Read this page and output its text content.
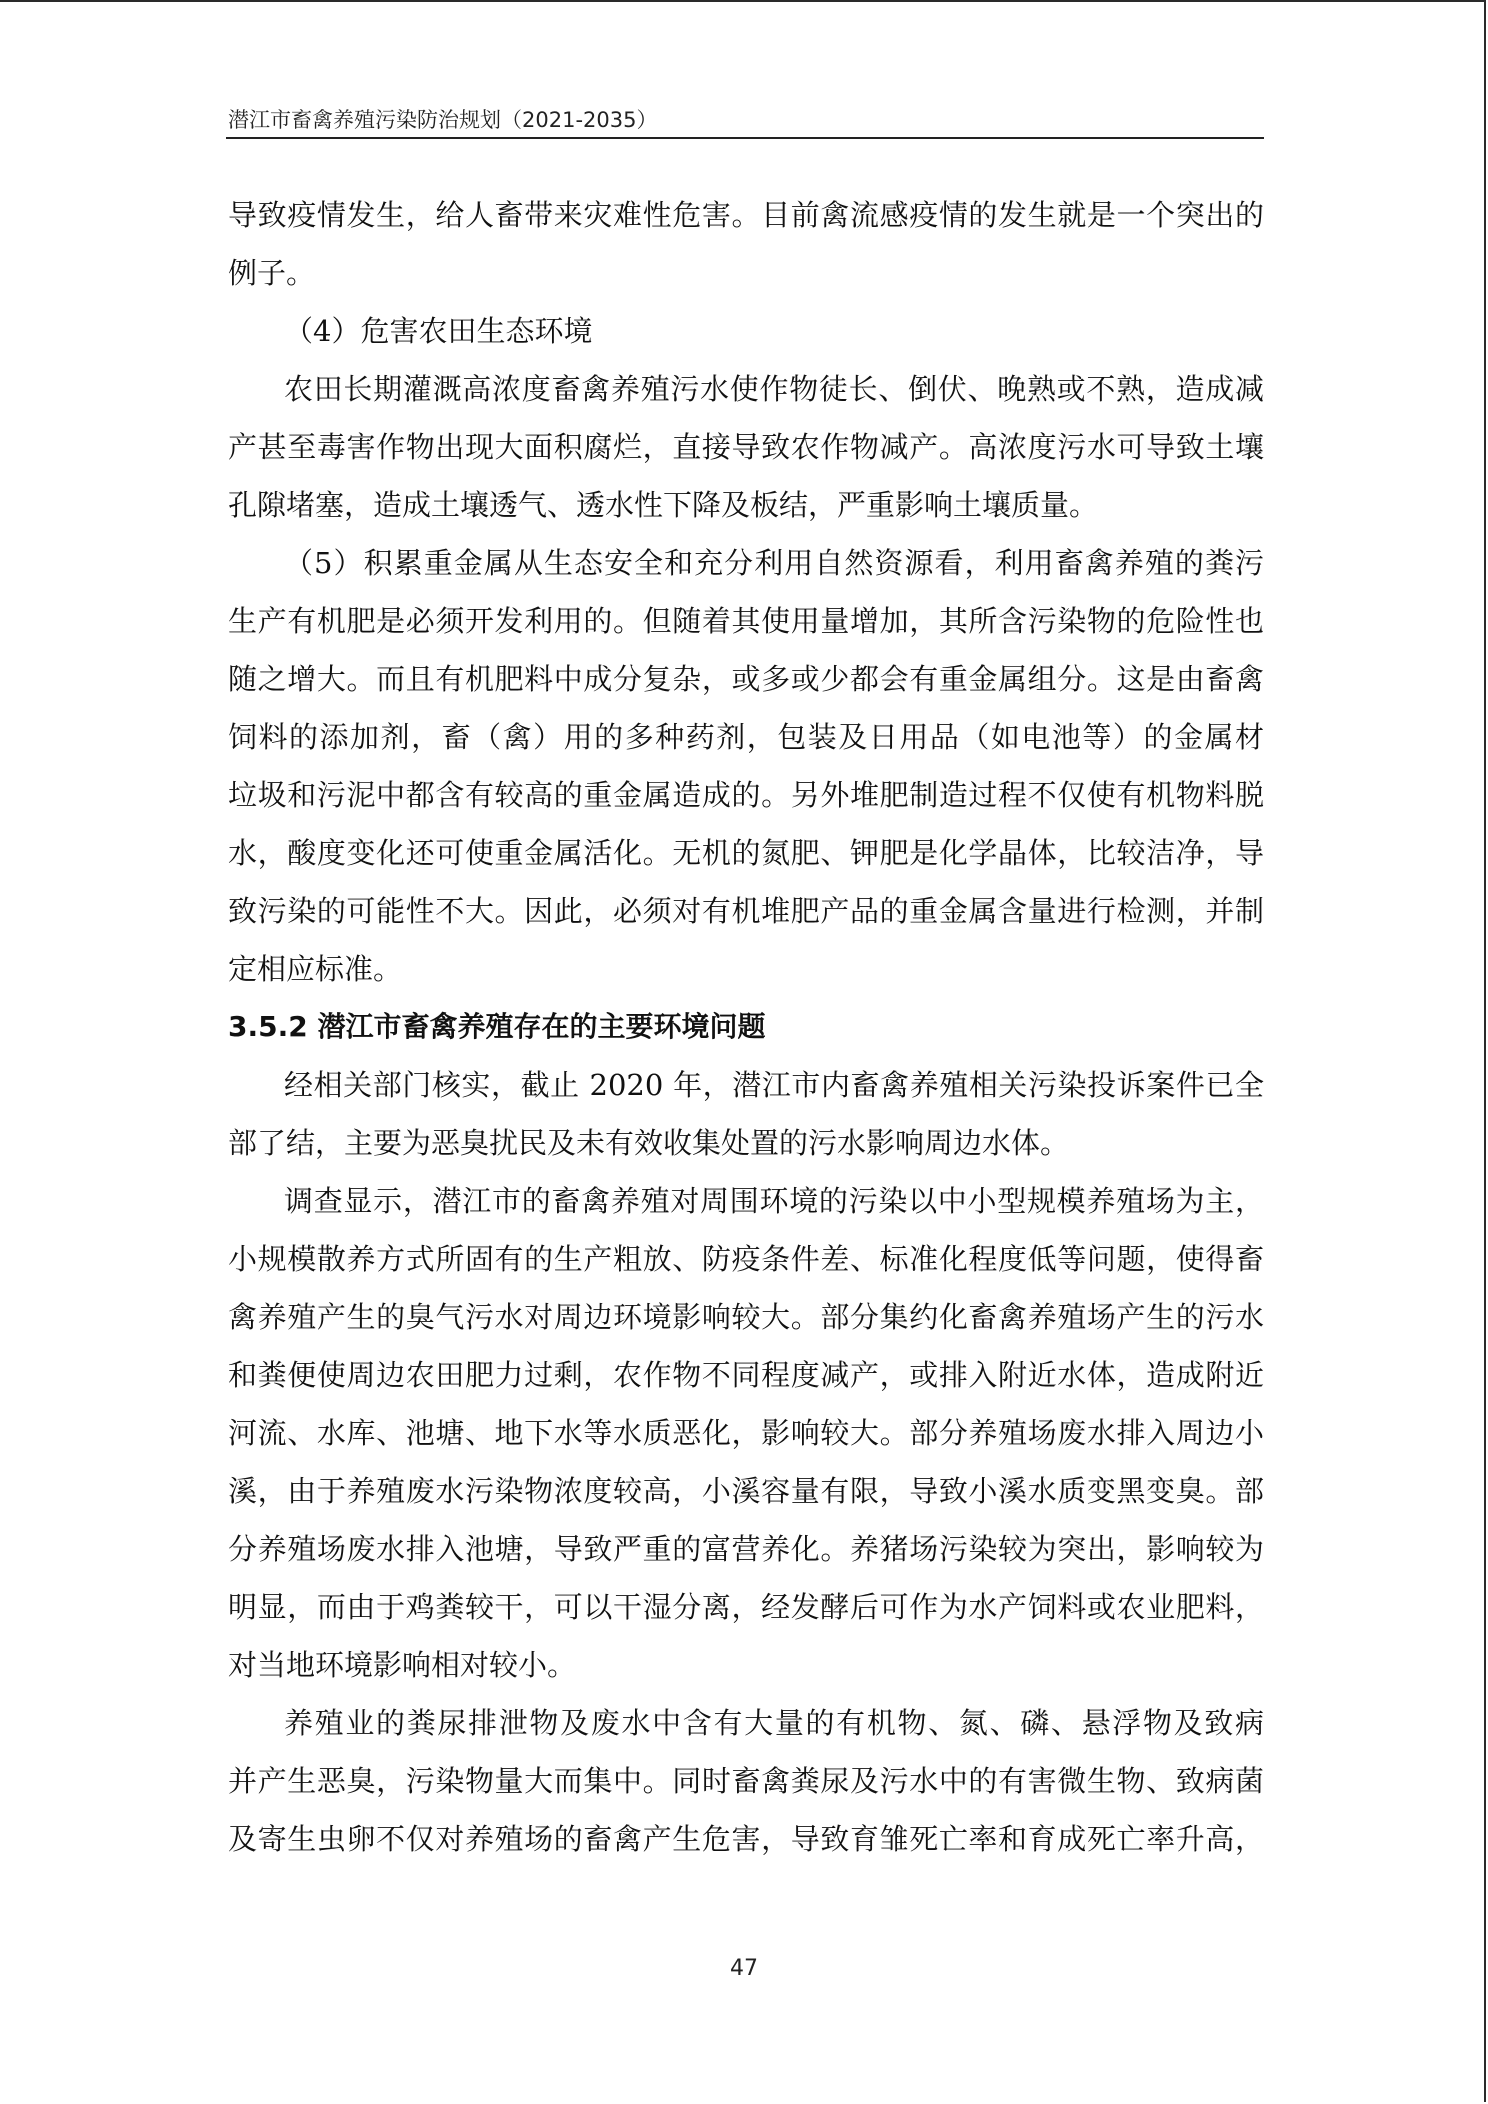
潜江市畜禽养殖污染防治规划（2021-2035）
导致疫情发生，给人畜带来灾难性危害。目前禽流感疫情的发生就是一个突出的
例子。
（4）危害农田生态环境
农田长期灌溉高浓度畜禽养殖污水使作物徒长、倒伏、晚熟或不熟，造成减
产甚至毒害作物出现大面积腐烂，直接导致农作物减产。高浓度污水可导致土壤
孔隙堵塞，造成土壤透气、透水性下降及板结，严重影响土壤质量。
（5）积累重金属从生态安全和充分利用自然资源看，利用畜禽养殖的粪污
生产有机肥是必须开发利用的。但随着其使用量增加，其所含污染物的危险性也
随之增大。而且有机肥料中成分复杂，或多或少都会有重金属组分。这是由畜禽
饲料的添加剂，畜（禽）用的多种药剂，包装及日用品（如电池等）的金属材
垃圾和污泥中都含有较高的重金属造成的。另外堆肥制造过程不仅使有机物料脱
水，酸度变化还可使重金属活化。无机的氮肥、钾肥是化学晶体，比较洁净，导
致污染的可能性不大。因此，必须对有机堆肥产品的重金属含量进行检测，并制
定相应标准。
3.5.2 潜江市畜禽养殖存在的主要环境问题
经相关部门核实，截止 2020 年，潜江市内畜禽养殖相关污染投诉案件已全
部了结，主要为恶臭扰民及未有效收集处置的污水影响周边水体。
调查显示，潜江市的畜禽养殖对周围环境的污染以中小型规模养殖场为主，
小规模散养方式所固有的生产粗放、防疫条件差、标准化程度低等问题，使得畜
禽养殖产生的臭气污水对周边环境影响较大。部分集约化畜禽养殖场产生的污水
和粪便使周边农田肥力过剩，农作物不同程度减产，或排入附近水体，造成附近
河流、水库、池塘、地下水等水质恶化，影响较大。部分养殖场废水排入周边小
溪，由于养殖废水污染物浓度较高，小溪容量有限，导致小溪水质变黑变臭。部
分养殖场废水排入池塘，导致严重的富营养化。养猪场污染较为突出，影响较为
明显，而由于鸡粪较干，可以干湿分离，经发酵后可作为水产饲料或农业肥料，
对当地环境影响相对较小。
养殖业的粪尿排泄物及废水中含有大量的有机物、氮、磷、悬浮物及致病
并产生恶臭，污染物量大而集中。同时畜禽粪尿及污水中的有害微生物、致病菌
及寄生虫卵不仅对养殖场的畜禽产生危害，导致育雏死亡率和育成死亡率升高，
47
